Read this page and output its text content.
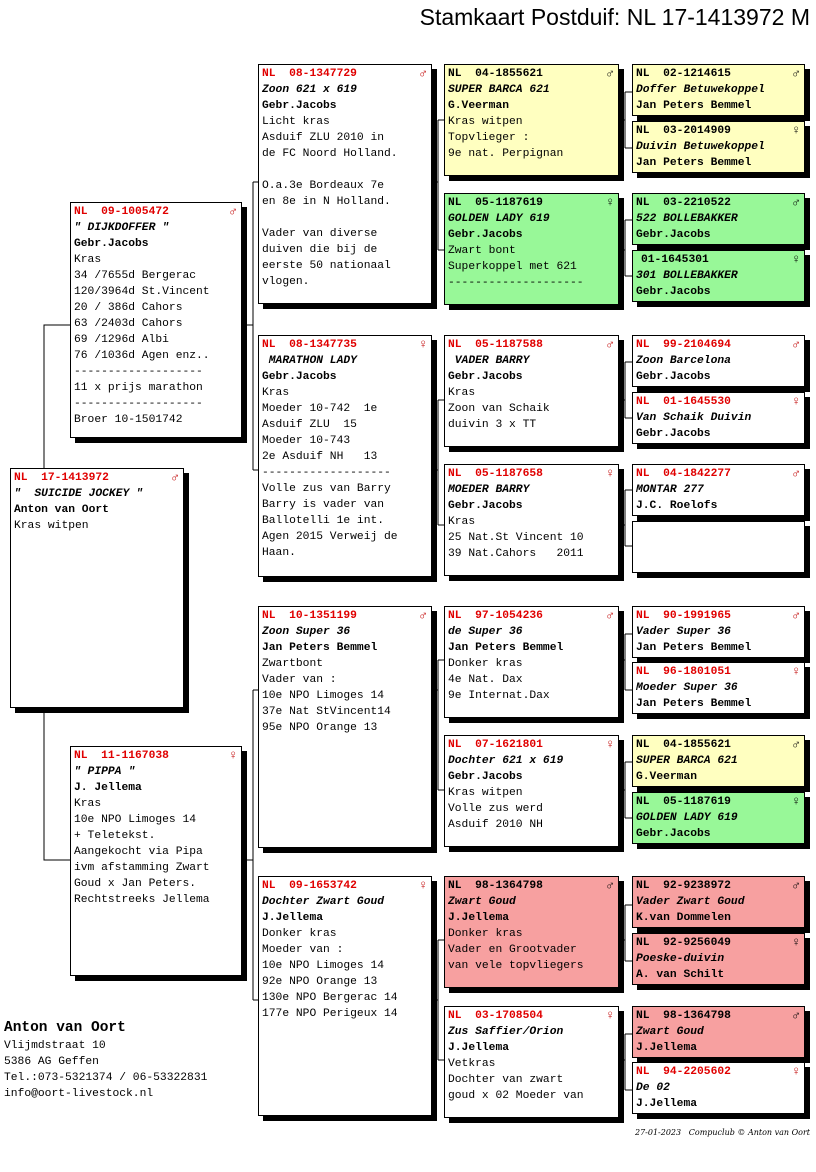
Stamkaart Postduif: NL 17-1413972 M
NL  17-1413972	♂
"  SUICIDE JOCKEY "
Anton van Oort
Kras witpen
NL  09-1005472	♂
" DIJKDOFFER "
Gebr.Jacobs
Kras
34 /7655d Bergerac
120/3964d St.Vincent
20 / 386d Cahors
63 /2403d Cahors
69 /1296d Albi
76 /1036d Agen enz..
-------------------
11 x prijs marathon
-------------------
Broer 10-1501742
NL  11-1167038	♀
" PIPPA "
J. Jellema
Kras
10e NPO Limoges 14
+ Teletekst.
Aangekocht via Pipa
ivm afstamming Zwart
Goud x Jan Peters.
Rechtstreeks Jellema
NL  08-1347729	♂
Zoon 621 x 619
Gebr.Jacobs
Licht kras
Asduif ZLU 2010 in
de FC Noord Holland.

O.a.3e Bordeaux 7e
en 8e in N Holland.

Vader van diverse
duiven die bij de
eerste 50 nationaal
vlogen.
NL  08-1347735	♀
MARATHON LADY
Gebr.Jacobs
Kras
Moeder 10-742  1e
Asduif ZLU  15
Moeder 10-743
2e Asduif NH   13
-------------------
Volle zus van Barry
Barry is vader van
Ballotelli 1e int.
Agen 2015 Verweij de
Haan.
NL  10-1351199	♂
Zoon Super 36
Jan Peters Bemmel
Zwartbont
Vader van :
10e NPO Limoges 14
37e Nat StVincent14
95e NPO Orange 13
NL  09-1653742	♀
Dochter Zwart Goud
J.Jellema
Donker kras
Moeder van :
10e NPO Limoges 14
92e NPO Orange 13
130e NPO Bergerac 14
177e NPO Perigeux 14
NL  04-1855621	♂
SUPER BARCA 621
G.Veerman
Kras witpen
Topvlieger :
9e nat. Perpignan
NL  05-1187619	♀
GOLDEN LADY 619
Gebr.Jacobs
Zwart bont
Superkoppel met 621
--------------------
NL  05-1187588	♂
VADER BARRY
Gebr.Jacobs
Kras
Zoon van Schaik
duivin 3 x TT
NL  05-1187658	♀
MOEDER BARRY
Gebr.Jacobs
Kras
25 Nat.St Vincent 10
39 Nat.Cahors   2011
NL  97-1054236	♂
de Super 36
Jan Peters Bemmel
Donker kras
4e Nat. Dax
9e Internat.Dax
NL  07-1621801	♀
Dochter 621 x 619
Gebr.Jacobs
Kras witpen
Volle zus werd
Asduif 2010 NH
NL  98-1364798	♂
Zwart Goud
J.Jellema
Donker kras
Vader en Grootvader
van vele topvliegers
NL  03-1708504	♀
Zus Saffier/Orion
J.Jellema
Vetkras
Dochter van zwart
goud x 02 Moeder van
NL  02-1214615	♂
Doffer Betuwekoppel
Jan Peters Bemmel
NL  03-2014909	♀
Duivin Betuwekoppel
Jan Peters Bemmel
NL  03-2210522	♂
522 BOLLEBAKKER
Gebr.Jacobs
01-1645301	♀
301 BOLLEBAKKER
Gebr.Jacobs
NL  99-2104694	♂
Zoon Barcelona
Gebr.Jacobs
NL  01-1645530	♀
Van Schaik Duivin
Gebr.Jacobs
NL  04-1842277	♂
MONTAR 277
J.C. Roelofs
NL  90-1991965	♂
Vader Super 36
Jan Peters Bemmel
NL  96-1801051	♀
Moeder Super 36
Jan Peters Bemmel
NL  04-1855621	♂
SUPER BARCA 621
G.Veerman
NL  05-1187619	♀
GOLDEN LADY 619
Gebr.Jacobs
NL  92-9238972	♂
Vader Zwart Goud
K.van Dommelen
NL  92-9256049	♀
Poeske-duivin
A. van Schilt
NL  98-1364798	♂
Zwart Goud
J.Jellema
NL  94-2205602	♀
De 02
J.Jellema
Anton van Oort
Vlijmdstraat 10
5386 AG Geffen
Tel.:073-5321374 / 06-53322831
info@oort-livestock.nl
27-01-2023 Compuclub © Anton van Oort
